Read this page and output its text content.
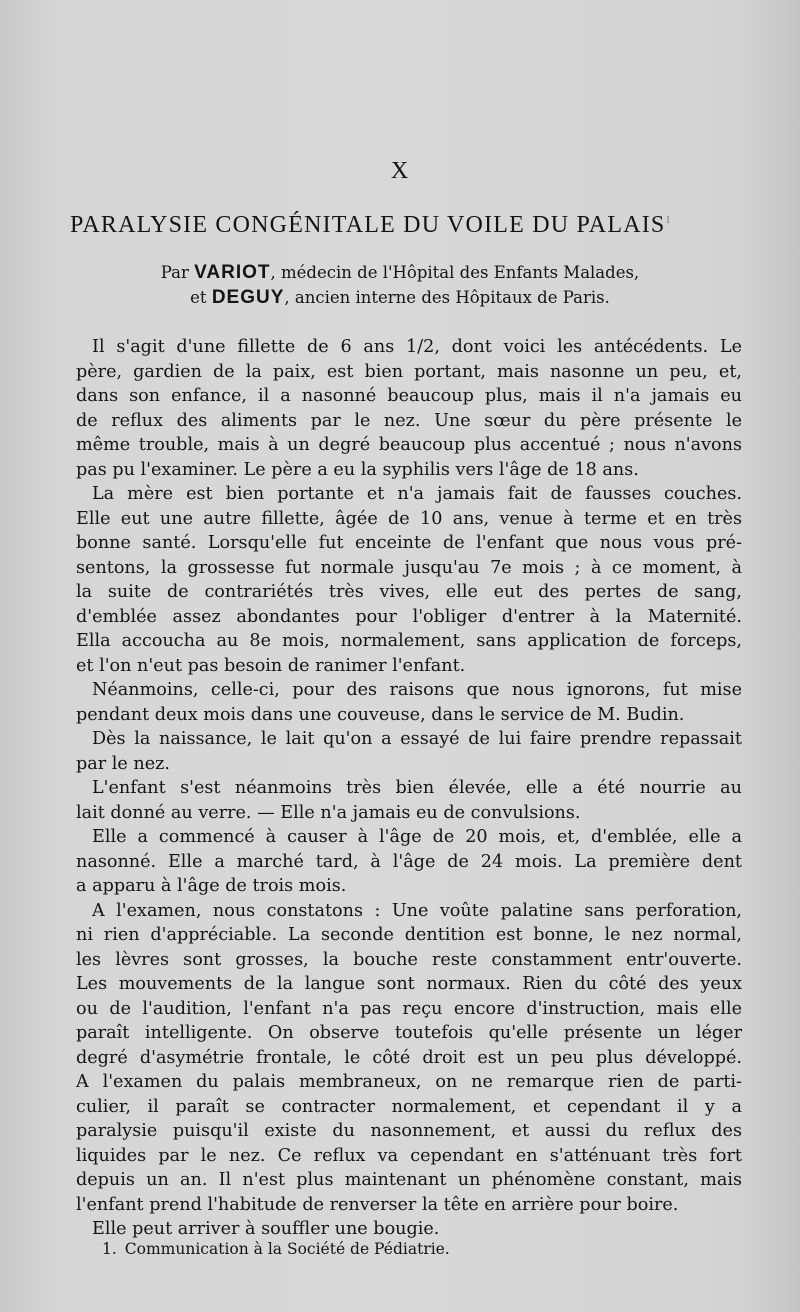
X
PARALYSIE CONGÉNITALE DU VOILE DU PALAIS$^1$
Par VARIOT, médecin de l'Hôpital des Enfants Malades,
et DEGUY, ancien interne des Hôpitaux de Paris.
Il s'agit d'une fillette de 6 ans 1/2, dont voici les antécédents. Le
père, gardien de la paix, est bien portant, mais nasonne un peu, et,
dans son enfance, il a nasonné beaucoup plus, mais il n'a jamais eu
de reflux des aliments par le nez. Une sœur du père présente le
même trouble, mais à un degré beaucoup plus accentué ; nous n'avons
pas pu l'examiner. Le père a eu la syphilis vers l'âge de 18 ans.
La mère est bien portante et n'a jamais fait de fausses couches.
Elle eut une autre fillette, âgée de 10 ans, venue à terme et en très
bonne santé. Lorsqu'elle fut enceinte de l'enfant que nous vous pré-
sentons, la grossesse fut normale jusqu'au 7e mois ; à ce moment, à
la suite de contrariétés très vives, elle eut des pertes de sang,
d'emblée assez abondantes pour l'obliger d'entrer à la Maternité.
Ella accoucha au 8e mois, normalement, sans application de forceps,
et l'on n'eut pas besoin de ranimer l'enfant.
Néanmoins, celle-ci, pour des raisons que nous ignorons, fut mise
pendant deux mois dans une couveuse, dans le service de M. Budin.
Dès la naissance, le lait qu'on a essayé de lui faire prendre repassait
par le nez.
L'enfant s'est néanmoins très bien élevée, elle a été nourrie au
lait donné au verre. — Elle n'a jamais eu de convulsions.
Elle a commencé à causer à l'âge de 20 mois, et, d'emblée, elle a
nasonné. Elle a marché tard, à l'âge de 24 mois. La première dent
a apparu à l'âge de trois mois.
A l'examen, nous constatons : Une voûte palatine sans perforation,
ni rien d'appréciable. La seconde dentition est bonne, le nez normal,
les lèvres sont grosses, la bouche reste constamment entr'ouverte.
Les mouvements de la langue sont normaux. Rien du côté des yeux
ou de l'audition, l'enfant n'a pas reçu encore d'instruction, mais elle
paraît intelligente. On observe toutefois qu'elle présente un léger
degré d'asymétrie frontale, le côté droit est un peu plus développé.
A l'examen du palais membraneux, on ne remarque rien de parti-
culier, il paraît se contracter normalement, et cependant il y a
paralysie puisqu'il existe du nasonnement, et aussi du reflux des
liquides par le nez. Ce reflux va cependant en s'atténuant très fort
depuis un an. Il n'est plus maintenant un phénomène constant, mais
l'enfant prend l'habitude de renverser la tête en arrière pour boire.
Elle peut arriver à souffler une bougie.
1. Communication à la Société de Pédiatrie.
